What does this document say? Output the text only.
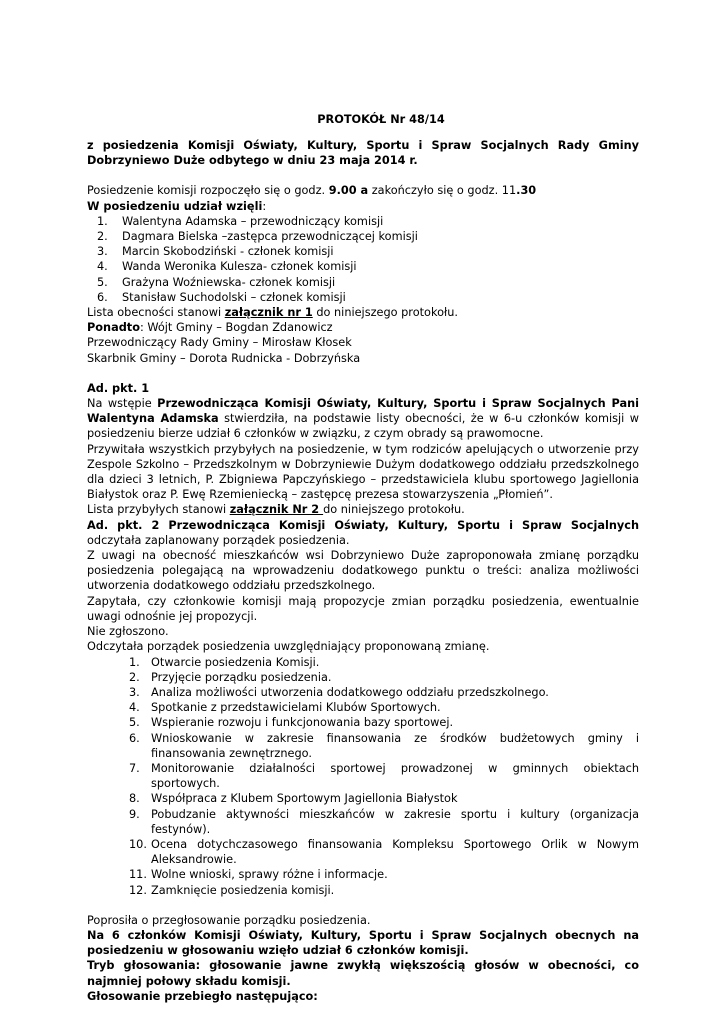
PROTOKÓŁ Nr 48/14
z posiedzenia Komisji Oświaty, Kultury, Sportu i Spraw Socjalnych Rady Gminy Dobrzyniewo Duże odbytego w dniu 23 maja 2014 r.
Posiedzenie komisji rozpoczęło się o godz. 9.00 a zakończyło się o godz. 11.30
W posiedzeniu udział wzięli:
1.	Walentyna Adamska – przewodniczący komisji
2.	Dagmara Bielska –zastępca przewodniczącej komisji
3.	Marcin Skobodziński - członek komisji
4.	Wanda Weronika Kulesza- członek komisji
5.	Grażyna Woźniewska- członek komisji
6.	Stanisław Suchodolski – członek komisji
Lista obecności stanowi załącznik nr 1 do niniejszego protokołu.
Ponadto: Wójt Gminy – Bogdan Zdanowicz
Przewodniczący Rady Gminy – Mirosław Kłosek
Skarbnik Gminy – Dorota Rudnicka - Dobrzyńska
Ad. pkt. 1
Na wstępie Przewodnicząca Komisji Oświaty, Kultury, Sportu i Spraw Socjalnych Pani Walentyna Adamska stwierdziła, na podstawie listy obecności, że w 6-u członków komisji w posiedzeniu bierze udział 6 członków w związku, z czym obrady są prawomocne.
Przywitała wszystkich przybyłych na posiedzenie, w tym rodziców apelujących o utworzenie przy Zespole Szkolno – Przedszkolnym w Dobrzyniewie Dużym dodatkowego oddziału przedszkolnego dla dzieci 3 letnich, P. Zbigniewa Papczyńskiego – przedstawiciela klubu sportowego Jagiellonia Białystok oraz P. Ewę Rzemieniecką – zastępcę prezesa stowarzyszenia „Płomień”.
Lista przybyłych stanowi załącznik Nr 2 do niniejszego protokołu.
Ad. pkt. 2 Przewodnicząca Komisji Oświaty, Kultury, Sportu i Spraw Socjalnych odczytała zaplanowany porządek posiedzenia.
Z uwagi na obecność mieszkańców wsi Dobrzyniewo Duże zaproponowała zmianę porządku posiedzenia polegającą na wprowadzeniu dodatkowego punktu o treści: analiza możliwości utworzenia dodatkowego oddziału przedszkolnego.
Zapytała, czy członkowie komisji mają propozycje zmian porządku posiedzenia, ewentualnie uwagi odnośnie jej propozycji.
Nie zgłoszono.
Odczytała porządek posiedzenia uwzględniający proponowaną zmianę.
1. Otwarcie posiedzenia Komisji.
2. Przyjęcie porządku posiedzenia.
3. Analiza możliwości utworzenia dodatkowego oddziału przedszkolnego.
4. Spotkanie z przedstawicielami Klubów Sportowych.
5. Wspieranie rozwoju i funkcjonowania bazy sportowej.
6. Wnioskowanie w zakresie finansowania ze środków budżetowych gminy i finansowania zewnętrznego.
7. Monitorowanie działalności sportowej prowadzonej w gminnych obiektach sportowych.
8. Współpraca z Klubem Sportowym Jagiellonia Białystok
9. Pobudzanie aktywności mieszkańców w zakresie sportu i kultury (organizacja festynów).
10. Ocena dotychczasowego finansowania Kompleksu Sportowego Orlik w Nowym Aleksandrowie.
11. Wolne wnioski, sprawy różne i informacje.
12. Zamknięcie posiedzenia komisji.
Poprosiła o przegłosowanie porządku posiedzenia.
Na 6 członków Komisji Oświaty, Kultury, Sportu i Spraw Socjalnych obecnych na posiedzeniu w głosowaniu wzięło udział 6 członków komisji.
Tryb głosowania: głosowanie jawne zwykłą większością głosów w obecności, co najmniej połowy składu komisji.
Głosowanie przebiegło następująco:
